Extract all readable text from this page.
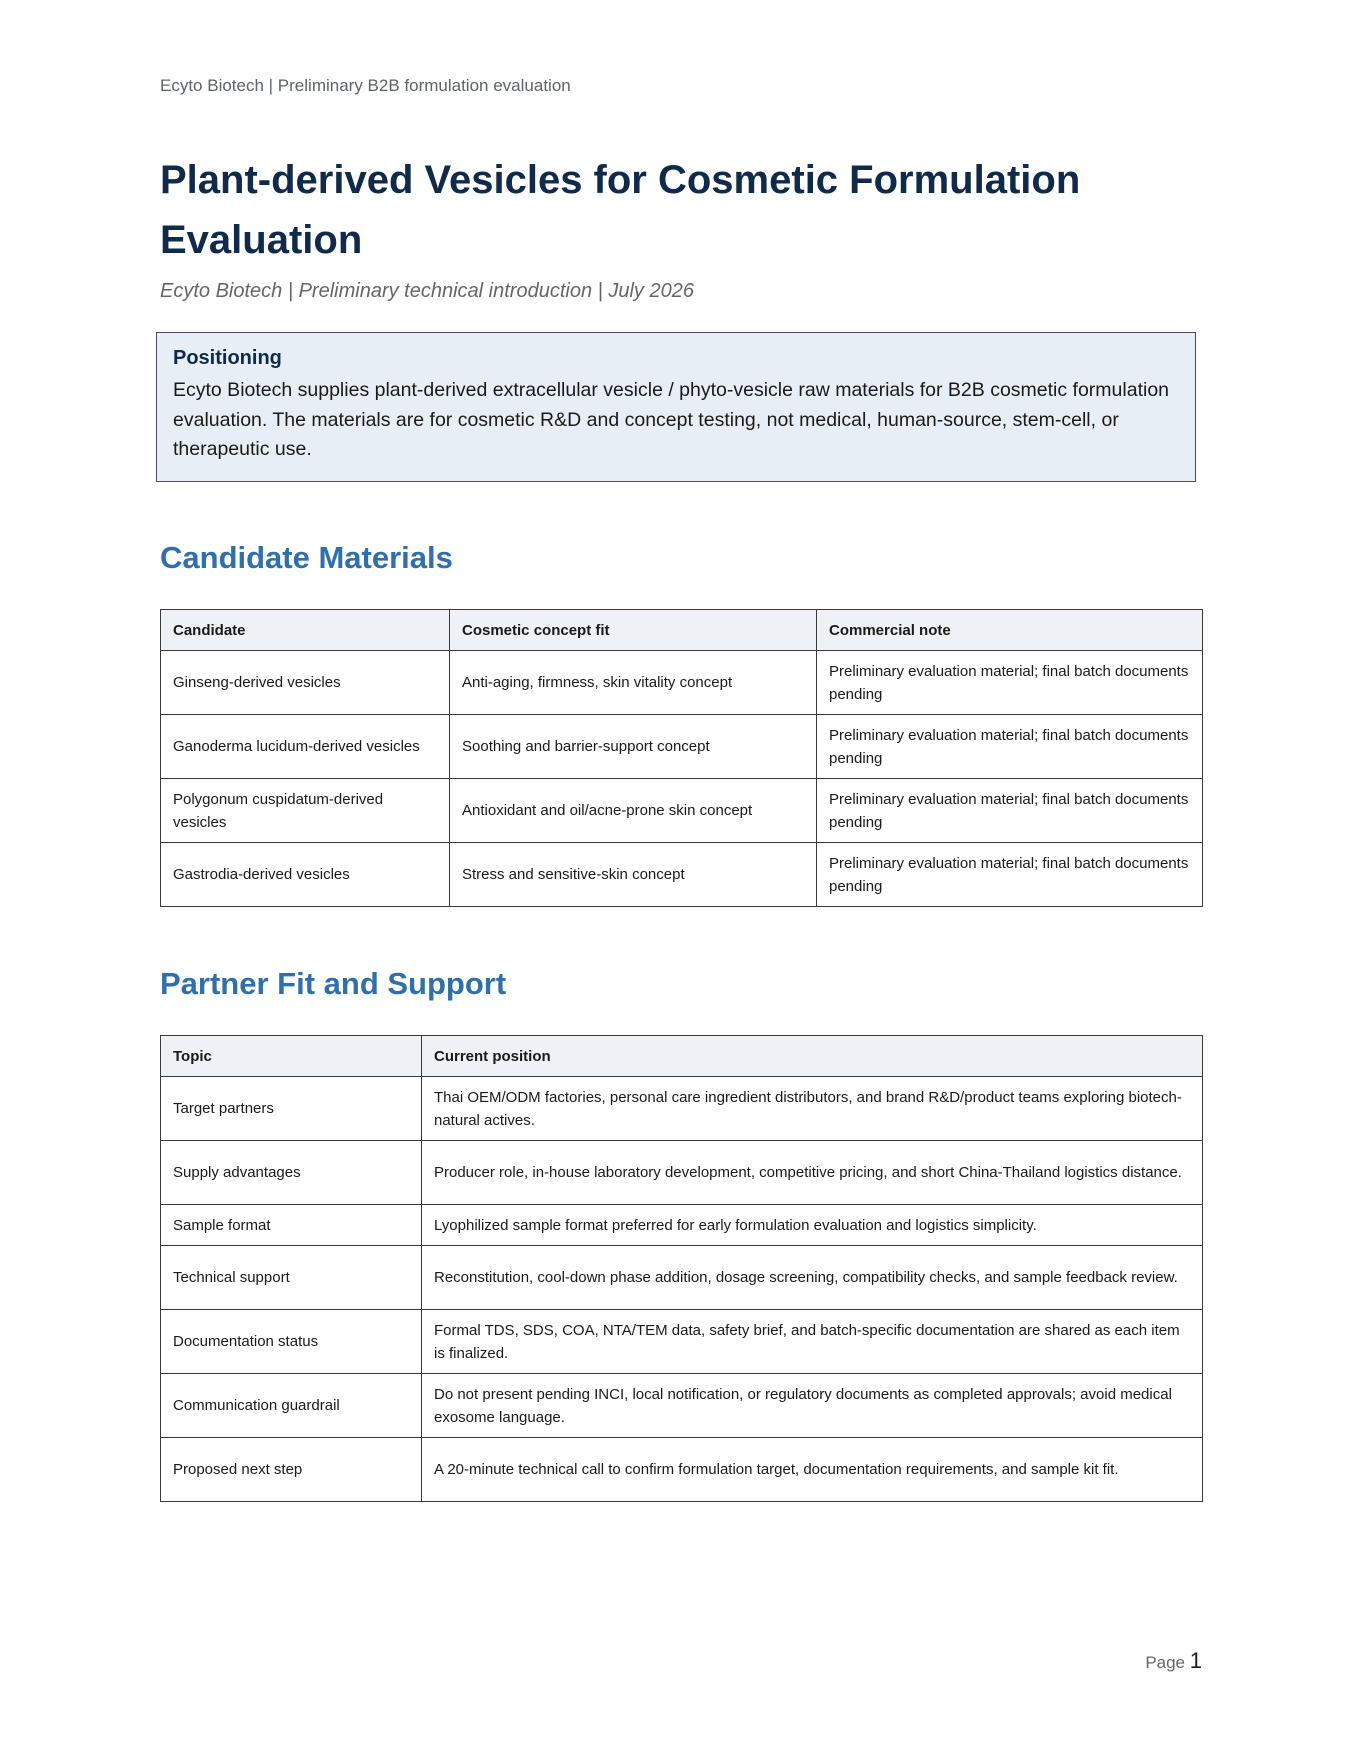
Ecyto Biotech | Preliminary B2B formulation evaluation
Plant-derived Vesicles for Cosmetic Formulation Evaluation
Ecyto Biotech | Preliminary technical introduction | July 2026
Positioning
Ecyto Biotech supplies plant-derived extracellular vesicle / phyto-vesicle raw materials for B2B cosmetic formulation evaluation. The materials are for cosmetic R&D and concept testing, not medical, human-source, stem-cell, or therapeutic use.
Candidate Materials
Candidate	Cosmetic concept fit	Commercial note
Ginseng-derived vesicles	Anti-aging, firmness, skin vitality concept	Preliminary evaluation material; final batch documents pending
Ganoderma lucidum-derived vesicles	Soothing and barrier-support concept	Preliminary evaluation material; final batch documents pending
Polygonum cuspidatum-derived vesicles	Antioxidant and oil/acne-prone skin concept	Preliminary evaluation material; final batch documents pending
Gastrodia-derived vesicles	Stress and sensitive-skin concept	Preliminary evaluation material; final batch documents pending
Partner Fit and Support
Topic	Current position
Target partners	Thai OEM/ODM factories, personal care ingredient distributors, and brand R&D/product teams exploring biotech-natural actives.
Supply advantages	Producer role, in-house laboratory development, competitive pricing, and short China-Thailand logistics distance.
Sample format	Lyophilized sample format preferred for early formulation evaluation and logistics simplicity.
Technical support	Reconstitution, cool-down phase addition, dosage screening, compatibility checks, and sample feedback review.
Documentation status	Formal TDS, SDS, COA, NTA/TEM data, safety brief, and batch-specific documentation are shared as each item is finalized.
Communication guardrail	Do not present pending INCI, local notification, or regulatory documents as completed approvals; avoid medical exosome language.
Proposed next step	A 20-minute technical call to confirm formulation target, documentation requirements, and sample kit fit.
Page 1
